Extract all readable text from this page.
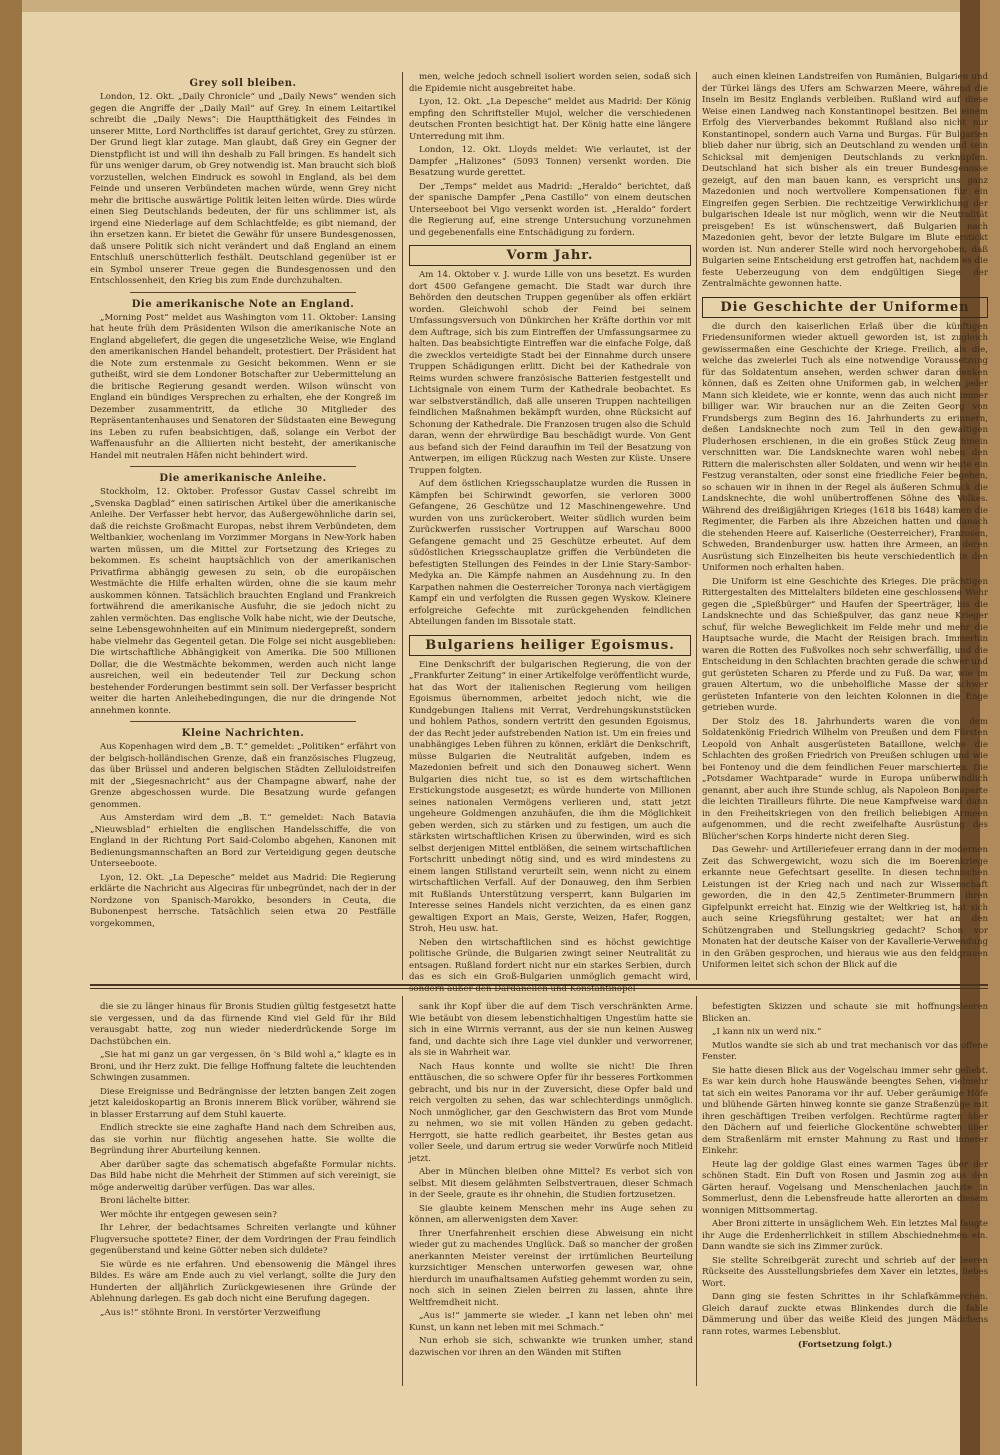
Grey soll bleiben.

London, 12. Okt. „Daily Chronicle“ und „Daily News“ wenden sich gegen die Angriffe der „Daily Mail“ auf Grey. In einem Leitartikel schreibt die „Daily News“: Die Hauptthätigkeit des Feindes in unserer Mitte, Lord Northcliffes ist darauf gerichtet, Grey zu stürzen. Der Grund liegt klar zutage. Man glaubt, daß Grey ein Gegner der Dienstpflicht ist und will ihn deshalb zu Fall bringen. Es handelt sich für uns weniger darum, ob Grey notwendig ist. Man braucht sich bloß vorzustellen, welchen Eindruck es sowohl in England, als bei dem Feinde und unseren Verbündeten machen würde, wenn Grey nicht mehr die britische auswärtige Politik leiten leiten würde. Dies würde einen Sieg Deutschlands bedeuten, der für uns schlimmer ist, als irgend eine Niederlage auf dem Schlachtfelde; es gibt niemand, der ihn ersetzen kann. Er bietet die Gewähr für unsere Bundesgenossen, daß unsere Politik sich nicht verändert und daß England an einem Entschluß unerschütterlich festhält. Deutschland gegenüber ist er ein Symbol unserer Treue gegen die Bundesgenossen und den Entschlossenheit, den Krieg bis zum Ende durchzuhalten.

Die amerikanische Note an England.

„Morning Post“ meldet aus Washington vom 11. Oktober: Lansing hat heute früh dem Präsidenten Wilson die amerikanische Note an England abgeliefert, die gegen die ungesetzliche Weise, wie England den amerikanischen Handel behandelt, protestiert. Der Präsident hat die Note zum erstenmale zu Gesicht bekommen. Wenn er sie gutheißt, wird sie dem Londoner Botschafter zur Uebermittelung an die britische Regierung gesandt werden. Wilson wünscht von England ein bündiges Versprechen zu erhalten, ehe der Kongreß im Dezember zusammentritt, da etliche 30 Mitglieder des Repräsentantenhauses und Senatoren der Südstaaten eine Bewegung ins Leben zu rufen beabsichtigen, daß, solange ein Verbot der Waffenausfuhr an die Alliierten nicht besteht, der amerikanische Handel mit neutralen Häfen nicht behindert wird.

Die amerikanische Anleihe.

Stockholm, 12. Oktober. Professor Gustav Cassel schreibt im „Svenska Dagblad“ einen satirischen Artikel über die amerikanische Anleihe. Der Verfasser hebt hervor, das Außergewöhnliche darin sei, daß die reichste Großmacht Europas, nebst ihrem Verbündeten, dem Weltbankier, wochenlang im Vorzimmer Morgans in New-York haben warten müssen, um die Mittel zur Fortsetzung des Krieges zu bekommen. Es scheint hauptsächlich von der amerikanischen Privatfirma abhängig gewesen zu sein, ob die europäischen Westmächte die Hilfe erhalten würden, ohne die sie kaum mehr auskommen können. Tatsächlich brauchten England und Frankreich fortwährend die amerikanische Ausfuhr, die sie jedoch nicht zu zahlen vermöchten. Das englische Volk habe nicht, wie der Deutsche, seine Lebensgewohnheiten auf ein Minimum niedergepreßt, sondern habe vielmehr das Gegenteil getan. Die Folge sei nicht ausgeblieben: Die wirtschaftliche Abhängigkeit von Amerika. Die 500 Millionen Dollar, die die Westmächte bekommen, werden auch nicht lange ausreichen, weil ein bedeutender Teil zur Deckung schon bestehender Forderungen bestimmt sein soll. Der Verfasser bespricht weiter die harten Anleihebedingungen, die nur die dringende Not annehmen konnte.

Kleine Nachrichten.

Aus Kopenhagen wird dem „B. T.“ gemeldet: „Politiken“ erfährt von der belgisch-holländischen Grenze, daß ein französisches Flugzeug, das über Brüssel und anderen belgischen Städten Zelluloidstreifen mit der „Siegesnachricht“ aus der Champagne abwarf, nahe der Grenze abgeschossen wurde. Die Besatzung wurde gefangen genommen.

Aus Amsterdam wird dem „B. T.“ gemeldet: Nach Batavia „Nieuwsblad“ erhielten die englischen Handelsschiffe, die von England in der Richtung Port Said-Colombo abgehen, Kanonen mit Bedienungsmannschaften an Bord zur Verteidigung gegen deutsche Unterseeboote.

Lyon, 12. Okt. „La Depesche“ meldet aus Madrid: Die Regierung erklärte die Nachricht aus Algeciras für unbegründet, nach der in der Nordzone von Spanisch-Marokko, besonders in Ceuta, die Bubonenpest herrsche. Tatsächlich seien etwa 20 Pestfälle vorgekommen,

men, welche jedoch schnell isoliert worden seien, sodaß sich die Epidemie nicht ausgebreitet habe.

Lyon, 12. Okt. „La Depesche“ meldet aus Madrid: Der König empfing den Schriftsteller Mujol, welcher die verschiedenen deutschen Fronten besichtigt hat. Der König hatte eine längere Unterredung mit ihm.

London, 12. Okt. Lloyds meldet: Wie verlautet, ist der Dampfer „Halizones“ (5093 Tonnen) versenkt worden. Die Besatzung wurde gerettet.

Der „Temps“ meldet aus Madrid: „Heraldo“ berichtet, daß der spanische Dampfer „Pena Castillo“ von einem deutschen Unterseeboot bei Vigo versenkt worden ist. „Heraldo“ fordert die Regierung auf, eine strenge Untersuchung vorzunehmen und gegebenenfalls eine Entschädigung zu fordern.

Vorm Jahr.

Am 14. Oktober v. J. wurde Lille von uns besetzt. Es wurden dort 4500 Gefangene gemacht. Die Stadt war durch ihre Behörden den deutschen Truppen gegenüber als offen erklärt worden. Gleichwohl schob der Feind bei seinem Umfassungsversuch von Dünkirchen her Kräfte dorthin vor mit dem Auftrage, sich bis zum Eintreffen der Umfassungsarmee zu halten. Das beabsichtigte Eintreffen war die einfache Folge, daß die zwecklos verteidigte Stadt bei der Einnahme durch unsere Truppen Schädigungen erlitt. Dicht bei der Kathedrale von Reims wurden schwere französische Batterien festgestellt und Lichtsignale von einem Turm der Kathedrale beobachtet. Es war selbstverständlich, daß alle unseren Truppen nachteiligen feindlichen Maßnahmen bekämpft wurden, ohne Rücksicht auf Schonung der Kathedrale. Die Franzosen trugen also die Schuld daran, wenn der ehrwürdige Bau beschädigt wurde. Von Gent aus befand sich der Feind daraufhin im Teil der Besatzung von Antwerpen, im eiligen Rückzug nach Westen zur Küste. Unsere Truppen folgten.

Auf dem östlichen Kriegsschauplatze wurden die Russen in Kämpfen bei Schirwindt geworfen, sie verloren 3000 Gefangene, 26 Geschütze und 12 Maschinengewehre. Und wurden von uns zurückerobert. Weiter südlich wurden beim Zurückwerfen russischer Vortruppen auf Warschau 8000 Gefangene gemacht und 25 Geschütze erbeutet. Auf dem südöstlichen Kriegsschauplatze griffen die Verbündeten die befestigten Stellungen des Feindes in der Linie Stary-Sambor-Medyka an. Die Kämpfe nahmen an Ausdehnung zu. In den Karpathen nahmen die Oesterreicher Toronya nach viertägigem Kampf ein und verfolgten die Russen gegen Wyskow. Kleinere erfolgreiche Gefechte mit zurückgehenden feindlichen Abteilungen fanden im Bissotale statt.

Bulgariens heiliger Egoismus.

Eine Denkschrift der bulgarischen Regierung, die von der „Frankfurter Zeitung“ in einer Artikelfolge veröffentlicht wurde, hat das Wort der italienischen Regierung vom heiligen Egoismus übernommen, arbeitet jedoch nicht, wie die Kundgebungen Italiens mit Verrat, Verdrehungskunststücken und hohlem Pathos, sondern vertritt den gesunden Egoismus, der das Recht jeder aufstrebenden Nation ist. Um ein freies und unabhängiges Leben führen zu können, erklärt die Denkschrift, müsse Bulgarien die Neutralität aufgeben, indem es Mazedonien befreit und sich den Donauweg sichert. Wenn Bulgarien dies nicht tue, so ist es dem wirtschaftlichen Erstickungstode ausgesetzt; es würde hunderte von Millionen seines nationalen Vermögens verlieren und, statt jetzt ungeheure Goldmengen anzuhäufen, die ihm die Möglichkeit geben werden, sich zu stärken und zu festigen, um auch die stärksten wirtschaftlichen Krisen zu überwinden, wird es sich selbst derjenigen Mittel entblößen, die seinem wirtschaftlichen Fortschritt unbedingt nötig sind, und es wird mindestens zu einem langen Stillstand verurteilt sein, wenn nicht zu einem wirtschaftlichen Verfall. Auf der Donauweg, den ihm Serbien mit Rußlands Unterstützung versperrt, kann Bulgarien im Interesse seines Handels nicht verzichten, da es einen ganz gewaltigen Export an Mais, Gerste, Weizen, Hafer, Roggen, Stroh, Heu usw. hat.

Neben den wirtschaftlichen sind es höchst gewichtige politische Gründe, die Bulgarien zwingt seiner Neutralität zu entsagen. Rußland fordert nicht nur ein starkes Serbien, durch das es sich ein Groß-Bulgarien unmöglich gemacht wird, sondern außer den Dardanellen und Konstantinopel

auch einen kleinen Landstreifen von Rumänien, Bulgarien und der Türkei längs des Ufers am Schwarzen Meere, während die Inseln im Besitz Englands verbleiben. Rußland wird auf diese Weise einen Landweg nach Konstantinopel besitzen. Bei einem Erfolg des Vierverbandes bekommt Rußland also nicht nur Konstantinopel, sondern auch Varna und Burgas. Für Bulgarien blieb daher nur übrig, sich an Deutschland zu wenden und sein Schicksal mit demjenigen Deutschlands zu verknüpfen. Deutschland hat sich bisher als ein treuer Bundesgenosse gezeigt, auf den man bauen kann, es verspricht uns ganz Mazedonien und noch wertvollere Kompensationen für ein Eingreifen gegen Serbien. Die rechtzeitige Verwirklichung der bulgarischen Ideale ist nur möglich, wenn wir die Neutralität preisgeben! Es ist wünschenswert, daß Bulgarien nach Mazedonien geht, bevor der letzte Bulgare im Blute erstickt worden ist. Nun anderer Stelle wird noch hervorgehoben, daß Bulgarien seine Entscheidung erst getroffen hat, nachdem es die feste Ueberzeugung von dem endgültigen Siege der Zentralmächte gewonnen hatte.

Die Geschichte der Uniformen

die durch den kaiserlichen Erlaß über die künftigen Friedensuniformen wieder aktuell geworden ist, ist zugleich gewissermaßen eine Geschichte der Kriege. Freilich, als die, welche das zweierlei Tuch als eine notwendige Voraussetzung für das Soldatentum ansehen, werden schwer daran denken können, daß es Zeiten ohne Uniformen gab, in welchen jeder Mann sich kleidete, wie er konnte, wenn das auch nicht immer billiger war. Wir brauchen nur an die Zeiten Georg von Frundsbergs zum Beginn des 16. Jahrhunderts zu erinnern, deßen Landsknechte noch zum Teil in den gewaltigen Pluderhosen erschienen, in die ein großes Stück Zeug hinein verschnitten war. Die Landsknechte waren wohl neben den Rittern die malerischsten aller Soldaten, und wenn wir heute ein Festzug veranstalten, oder sonst eine friedliche Feier begehen, so schauen wir in ihnen in der Regel als äußeren Schmuck die Landsknechte, die wohl unübertroffenen Söhne des Volkes. Während des dreißigjährigen Krieges (1618 bis 1648) kamen die Regimenter, die Farben als ihre Abzeichen hatten und danach die stehenden Heere auf. Kaiserliche (Oesterreicher), Franzosen, Schweden, Brandenburger usw. hatten ihre Armeen, an deren Ausrüstung sich Einzelheiten bis heute verschiedentlich in den Uniformen noch erhalten haben.

Die Uniform ist eine Geschichte des Krieges. Die prächtigen Rittergestalten des Mittelalters bildeten eine geschlossene Wehr gegen die „Spießbürger“ und Haufen der Speerträger, bis die Landsknechte und das Schießpulver, das ganz neue Krieger schuf, für welche Beweglichkeit im Felde mehr und mehr die Hauptsache wurde, die Macht der Reisigen brach. Immerhin waren die Rotten des Fußvolkes noch sehr schwerfällig, und die Entscheidung in den Schlachten brachten gerade die schwer und gut gerüsteten Scharen zu Pferde und zu Fuß. Da war, wie im grauen Altertum, wo die unbeholfliche Masse der schwer gerüsteten Infanterie von den leichten Kolonnen in die Enge getrieben wurde.

Der Stolz des 18. Jahrhunderts waren die von dem Soldatenkönig Friedrich Wilhelm von Preußen und dem Fürsten Leopold von Anhalt ausgerüsteten Bataillone, welche die Schlachten des großen Friedrich von Preußen schlugen und wie bei Fontenoy und die dem feindlichen Feuer marschierten. Die „Potsdamer Wachtparade“ wurde in Europa unüberwindlich genannt, aber auch ihre Stunde schlug, als Napoleon Bonaparte die leichten Tirailleurs führte. Die neue Kampfweise ward dann in den Freiheitskriegen von den freilich beliebigen Armeen aufgenommen, und die recht zweifelhafte Ausrüstung des Blücher'schen Korps hinderte nicht deren Sieg.

Das Gewehr- und Artilleriefeuer errang dann in der modernen Zeit das Schwergewicht, wozu sich die im Boerenkriege erkannte neue Gefechtsart gesellte. In diesen technischen Leistungen ist der Krieg nach und nach zur Wissenschaft geworden, die in den 42,5 Zentimeter-Brummern ihren Gipfelpunkt erreicht hat. Einzig wie der Weltkrieg ist, hat sich auch seine Kriegsführung gestaltet; wer hat an den Schützengraben und Stellungskrieg gedacht? Schon vor Monaten hat der deutsche Kaiser von der Kavallerie-Verwendung in den Gräben gesprochen, und hieraus wie aus den feldgrauen Uniformen leitet sich schon der Blick auf die

die sie zu länger hinaus für Bronis Studien gültig festgesetzt hatte sie vergessen, und da das fürnende Kind viel Geld für ihr Bild verausgabt hatte, zog nun wieder niederdrückende Sorge im Dachstübchen ein.

„Sie hat mi ganz un gar vergessen, ön 's Bild wohl a,“ klagte es in Broni, und ihr Herz zukt. Die fellige Hoffnung faltete die leuchtenden Schwingen zusammen.

Diese Ereignisse und Bedrängnisse der letzten bangen Zeit zogen jetzt kaleidoskopartig an Bronis innerem Blick vorüber, während sie in blasser Erstarrung auf dem Stuhl kauerte.

Endlich streckte sie eine zaghafte Hand nach dem Schreiben aus, das sie vorhin nur flüchtig angesehen hatte. Sie wollte die Begründung ihrer Aburteilung kennen.

Aber darüber sagte das schematisch abgefaßte Formular nichts. Das Bild habe nicht die Mehrheit der Stimmen auf sich vereinigt, sie möge anderweitig darüber verfügen. Das war alles.

Broni lächelte bitter.

Wer möchte ihr entgegen gewesen sein?

Ihr Lehrer, der bedachtsames Schreiten verlangte und kühner Flugversuche spottete? Einer, der dem Vordringen der Frau feindlich gegenüberstand und keine Götter neben sich duldete?

Sie würde es nie erfahren. Und ebensowenig die Mängel ihres Bildes. Es wäre am Ende auch zu viel verlangt, sollte die Jury den Hunderten der alljährlich Zurückgewiesenen ihre Gründe der Ablehnung darlegen. Es gab doch nicht eine Berufung dagegen.

„Aus is!“ stöhnte Broni. In verstörter Verzweiflung

sank ihr Kopf über die auf dem Tisch verschränkten Arme. Wie betäubt von diesem lebenstichhaltigen Ungestüm hatte sie sich in eine Wirrnis verrannt, aus der sie nun keinen Ausweg fand, und dachte sich ihre Lage viel dunkler und verworrener, als sie in Wahrheit war.

Nach Haus konnte und wollte sie nicht! Die Ihren enttäuschen, die so schwere Opfer für ihr besseres Fortkommen gebracht, und bis nur in der Zuversicht, diese Opfer bald und reich vergolten zu sehen, das war schlechterdings unmöglich. Noch unmöglicher, gar den Geschwistern das Brot vom Munde zu nehmen, wo sie mit vollen Händen zu geben gedacht. Herrgott, sie hatte redlich gearbeitet, ihr Bestes getan aus voller Seele, und darum ertrug sie weder Vorwürfe noch Mitleid jetzt.

Aber in München bleiben ohne Mittel? Es verbot sich von selbst. Mit diesem gelähmten Selbstvertrauen, dieser Schmach in der Seele, graute es ihr ohnehin, die Studien fortzusetzen.

Sie glaubte keinem Menschen mehr ins Auge sehen zu können, am allerwenigsten dem Xaver.

Ihrer Unerfahrenheit erschien diese Abweisung ein nicht wieder gut zu machendes Unglück. Daß so mancher der großen anerkannten Meister vereinst der irrtümlichen Beurteilung kurzsichtiger Menschen unterworfen gewesen war, ohne hierdurch im unaufhaltsamen Aufstieg gehemmt worden zu sein, noch sich in seinen Zielen beirren zu lassen, ahnte ihre Weltfremdheit nicht.

„Aus is!“ jammerte sie wieder. „I kann net leben ohn' mei Kunst, un kann net leben mit mei Schmach.“

Nun erhob sie sich, schwankte wie trunken umher, stand dazwischen vor ihren an den Wänden mit Stiften

befestigten Skizzen und schaute sie mit hoffnungsleeren Blicken an.

„I kann nix un werd nix.“

Mutlos wandte sie sich ab und trat mechanisch vor das offene Fenster.

Sie hatte diesen Blick aus der Vogelschau immer sehr geliebt. Es war kein durch hohe Hauswände beengtes Sehen, vielmehr tat sich ein weites Panorama vor ihr auf. Ueber geräumige Höfe und blühende Gärten hinweg konnte sie ganze Straßenzüge mit ihren geschäftigen Treiben verfolgen. Rechtürme ragten über den Dächern auf und feierliche Glockentöne schwebten über dem Straßenlärm mit ernster Mahnung zu Rast und innerer Einkehr.

Heute lag der goldige Glast eines warmen Tages über der schönen Stadt. Ein Duft von Rosen und Jasmin zog aus den Gärten herauf. Vogelsang und Menschenlachen jauchzte in Sommerlust, denn die Lebensfreude hatte allerorten an diesem wonnigen Mittsommertag.

Aber Broni zitterte in unsäglichem Weh. Ein letztes Mal faugte ihr Auge die Erdenherrlichkeit in stillem Abschiednehmen ein. Dann wandte sie sich ins Zimmer zurück.

Sie stellte Schreibgerät zurecht und schrieb auf der leeren Rückseite des Ausstellungsbriefes dem Xaver ein letztes, liebes Wort.

Dann ging sie festen Schrittes in ihr Schlafkämmerchen. Gleich darauf zuckte etwas Blinkendes durch die fahle Dämmerung und über das weiße Kleid des jungen Mädchens rann rotes, warmes Lebensblut.

(Fortsetzung folgt.)
